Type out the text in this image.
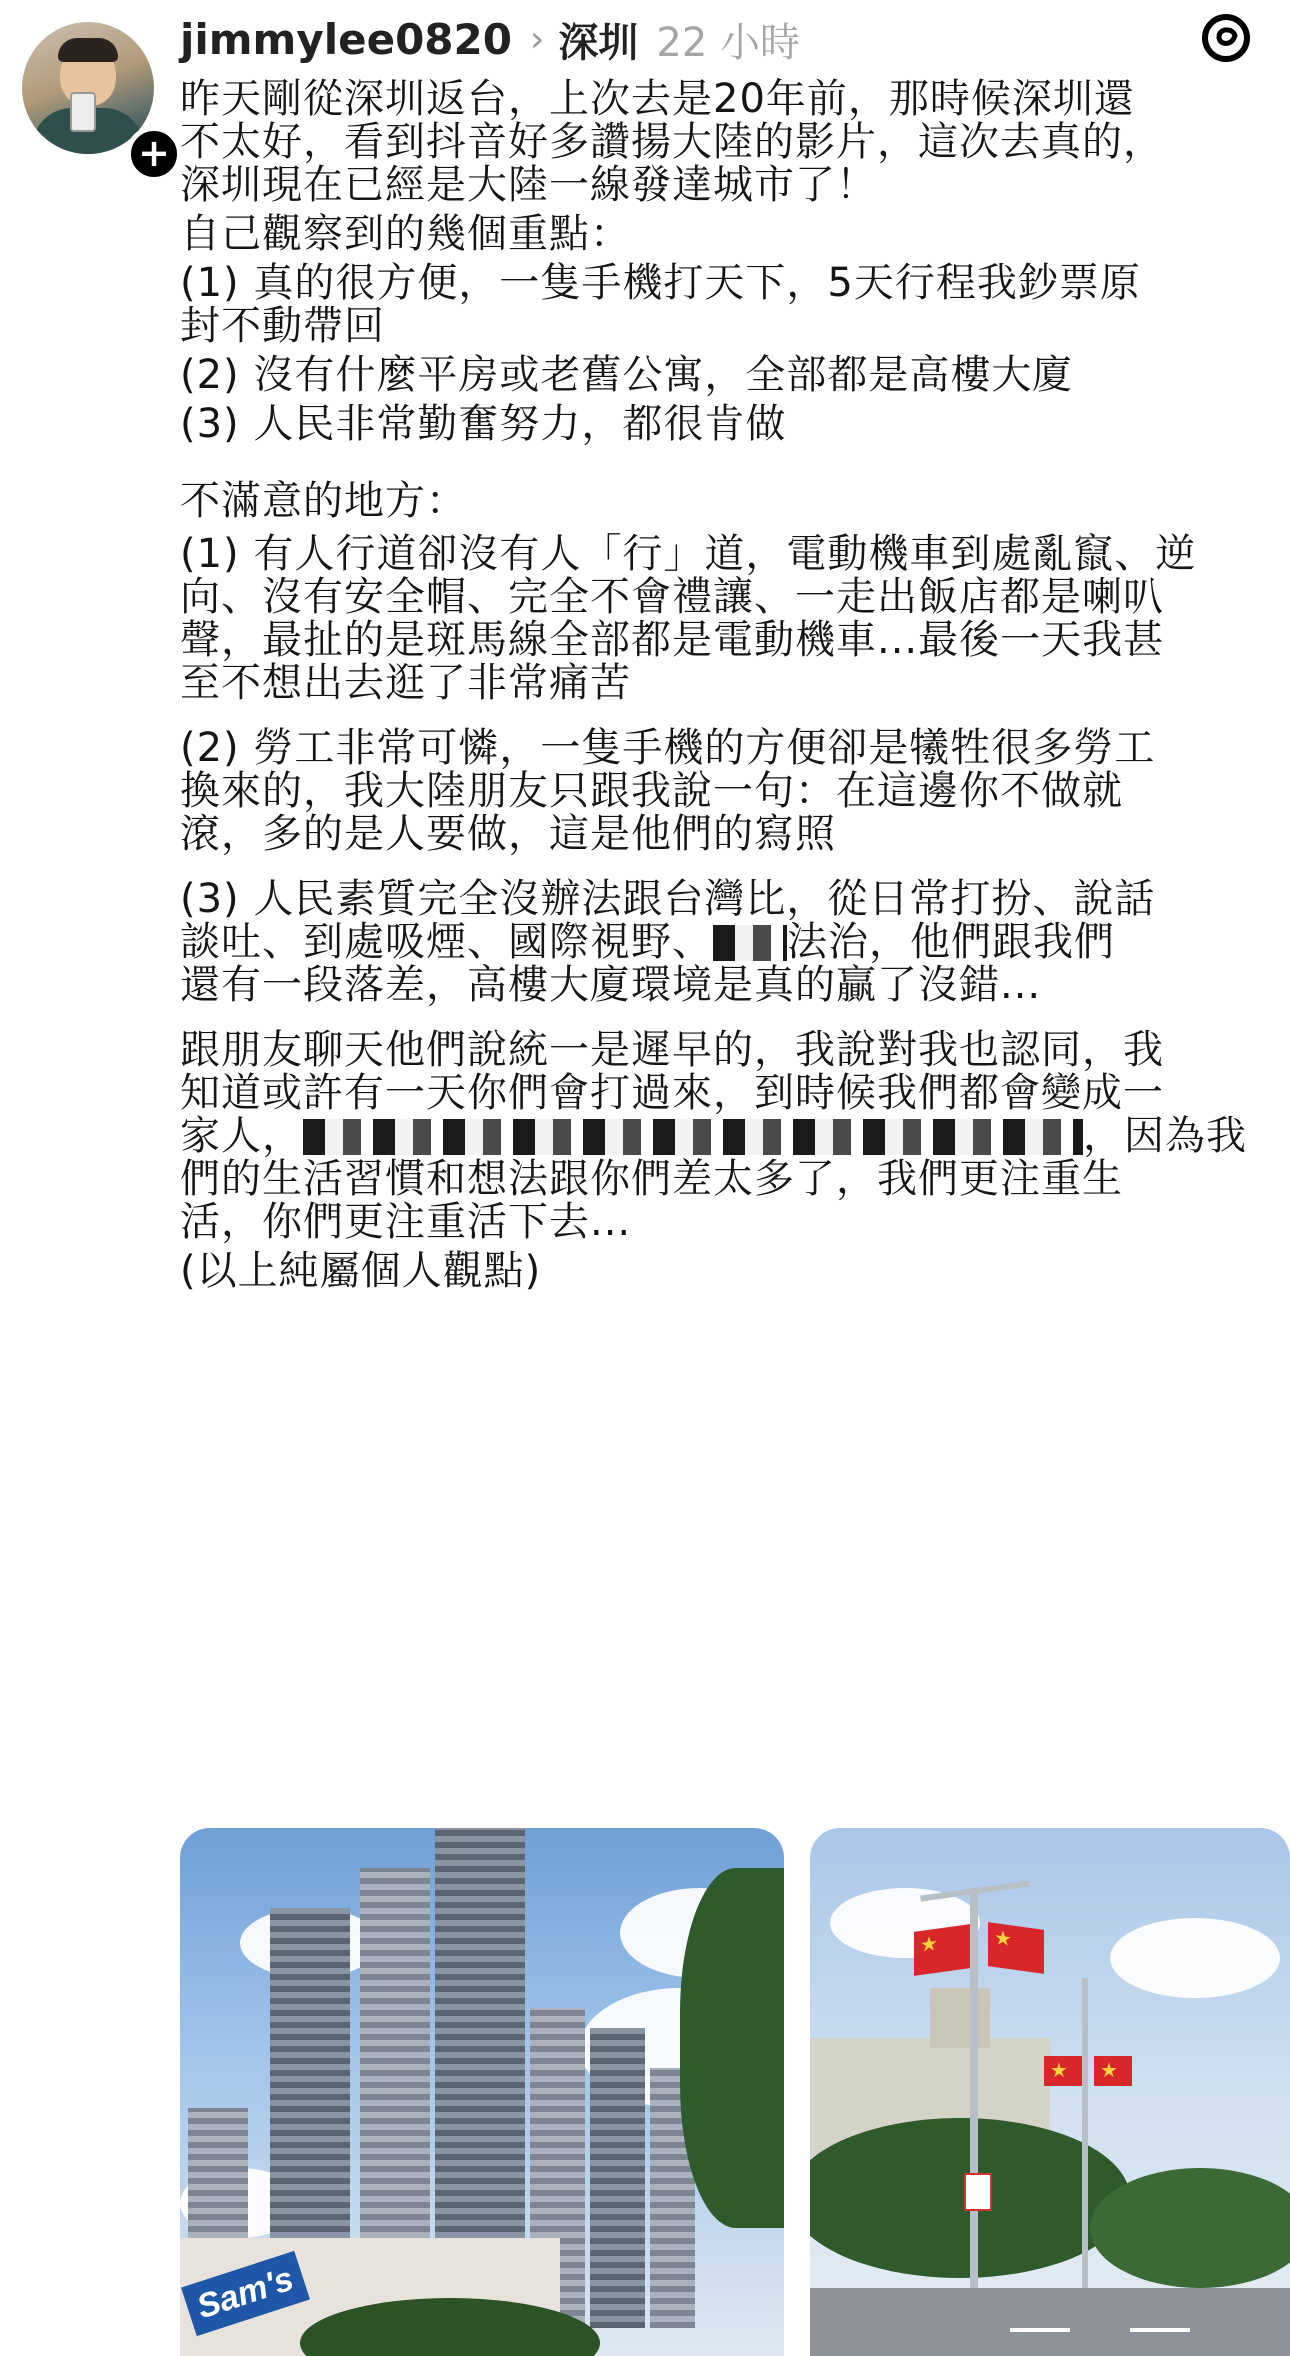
+
jimmylee0820 › 深圳 22 小時

昨天剛從深圳返台，上次去是20年前，那時候深圳還

不太好，看到抖音好多讚揚大陸的影片，這次去真的，

深圳現在已經是大陸一線發達城市了！

自己觀察到的幾個重點：

(1) 真的很方便，一隻手機打天下，5天行程我鈔票原

封不動帶回

(2) 沒有什麼平房或老舊公寓，全部都是高樓大廈

(3) 人民非常勤奮努力，都很肯做

不滿意的地方：

(1) 有人行道卻沒有人「行」道，電動機車到處亂竄、逆

向、沒有安全帽、完全不會禮讓、一走出飯店都是喇叭

聲，最扯的是斑馬線全部都是電動機車...最後一天我甚

至不想出去逛了非常痛苦

(2) 勞工非常可憐，一隻手機的方便卻是犧牲很多勞工

換來的，我大陸朋友只跟我說一句：在這邊你不做就

滾，多的是人要做，這是他們的寫照

(3) 人民素質完全沒辦法跟台灣比，從日常打扮、說話

談吐、到處吸煙、國際視野、 法治，他們跟我們

還有一段落差，高樓大廈環境是真的贏了沒錯...

跟朋友聊天他們說統一是遲早的，我說對我也認同，我

知道或許有一天你們會打過來，到時候我們都會變成一

家人，	，因為我

們的生活習慣和想法跟你們差太多了，我們更注重生

活，你們更注重活下去...

(以上純屬個人觀點)

Sam's
★
★
★
★
